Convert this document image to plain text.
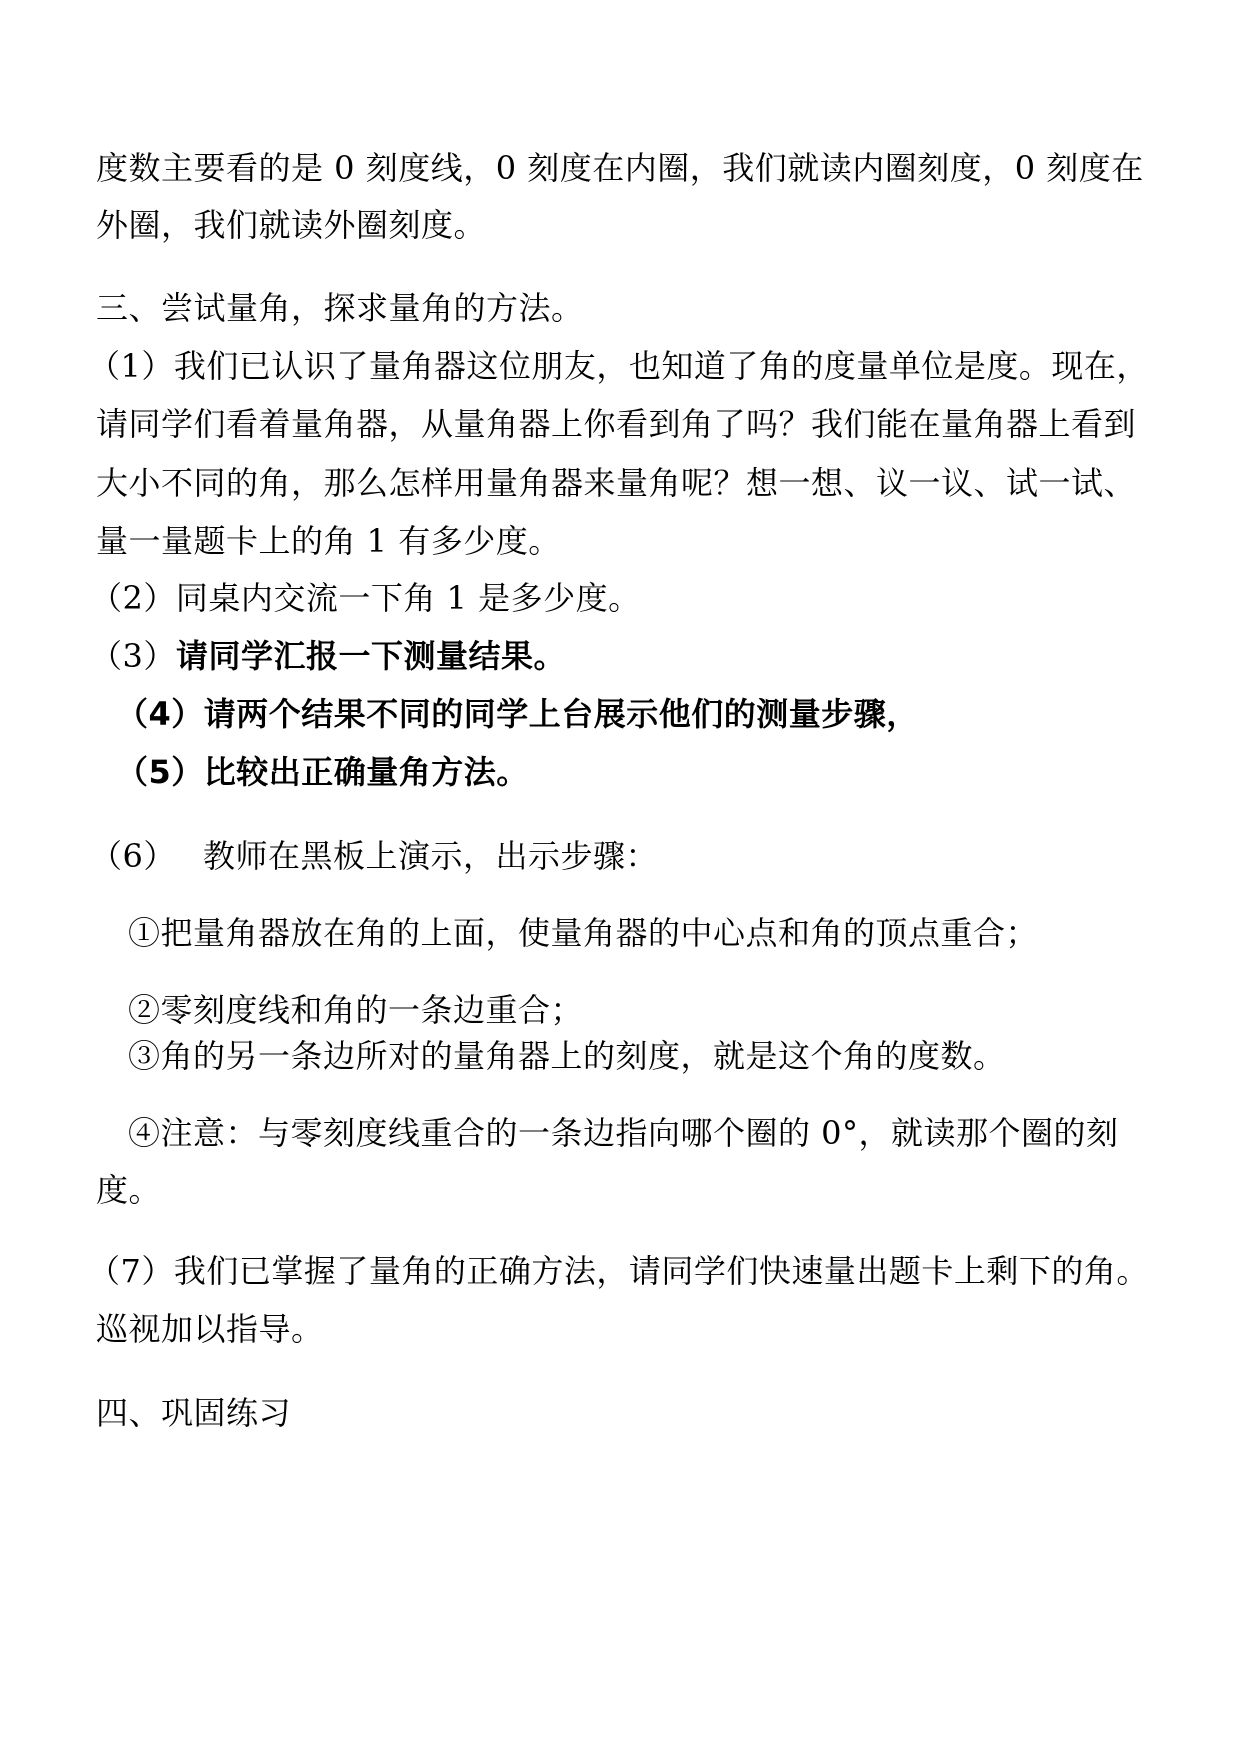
度数主要看的是 0 刻度线，0 刻度在内圈，我们就读内圈刻度，0 刻度在
外圈，我们就读外圈刻度。
三、尝试量角，探求量角的方法。
（1）我们已认识了量角器这位朋友，也知道了角的度量单位是度。现在，
请同学们看着量角器，从量角器上你看到角了吗？我们能在量角器上看到
大小不同的角，那么怎样用量角器来量角呢？想一想、议一议、试一试、
量一量题卡上的角 1 有多少度。
（2）同桌内交流一下角 1 是多少度。
（3） 请同学汇报一下测量结果。
（4）请两个结果不同的同学上台展示他们的测量步骤，
（5）比较出正确量角方法。
（6）　 教师在黑板上演示，出示步骤：
①把量角器放在角的上面，使量角器的中心点和角的顶点重合；
②零刻度线和角的一条边重合；
③角的另一条边所对的量角器上的刻度，就是这个角的度数。
④注意：与零刻度线重合的一条边指向哪个圈的 0°，就读那个圈的刻
度。
（7）我们已掌握了量角的正确方法，请同学们快速量出题卡上剩下的角。
巡视加以指导。
四、巩固练习
